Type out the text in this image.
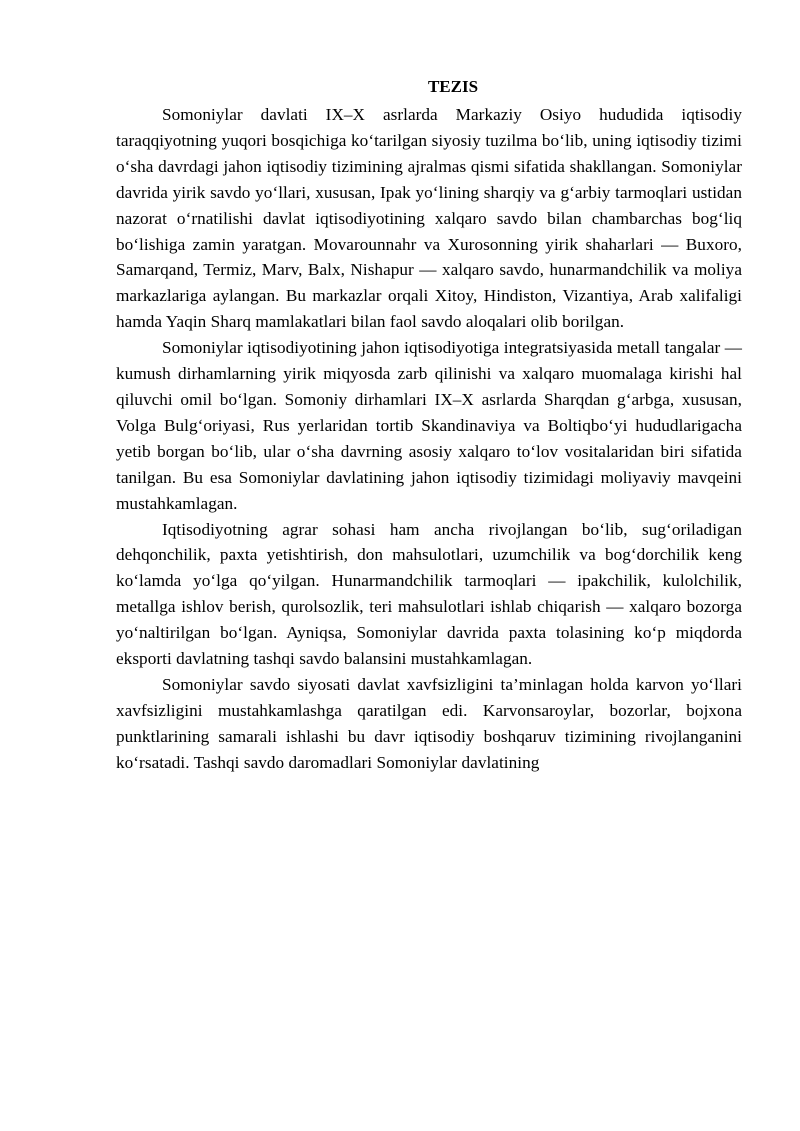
TEZIS

Somoniylar davlati IX–X asrlarda Markaziy Osiyo hududida iqtisodiy taraqqiyotning yuqori bosqichiga ko‘tarilgan siyosiy tuzilma bo‘lib, uning iqtisodiy tizimi o‘sha davrdagi jahon iqtisodiy tizimining ajralmas qismi sifatida shakllangan. Somoniylar davrida yirik savdo yo‘llari, xususan, Ipak yo‘lining sharqiy va g‘arbiy tarmoqlari ustidan nazorat o‘rnatilishi davlat iqtisodiyotining xalqaro savdo bilan chambarchas bog‘liq bo‘lishiga zamin yaratgan. Movarounnahr va Xurosonning yirik shaharlari — Buxoro, Samarqand, Termiz, Marv, Balx, Nishapur — xalqaro savdo, hunarmandchilik va moliya markazlariga aylangan. Bu markazlar orqali Xitoy, Hindiston, Vizantiya, Arab xalifaligi hamda Yaqin Sharq mamlakatlari bilan faol savdo aloqalari olib borilgan.

Somoniylar iqtisodiyotining jahon iqtisodiyotiga integratsiyasida metall tangalar — kumush dirhamlarning yirik miqyosda zarb qilinishi va xalqaro muomalaga kirishi hal qiluvchi omil bo‘lgan. Somoniy dirhamlari IX–X asrlarda Sharqdan g‘arbga, xususan, Volga Bulg‘oriyasi, Rus yerlaridan tortib Skandinaviya va Boltiqbo‘yi hududlarigacha yetib borgan bo‘lib, ular o‘sha davrning asosiy xalqaro to‘lov vositalaridan biri sifatida tanilgan. Bu esa Somoniylar davlatining jahon iqtisodiy tizimidagi moliyaviy mavqeini mustahkamlagan.

Iqtisodiyotning agrar sohasi ham ancha rivojlangan bo‘lib, sug‘oriladigan dehqonchilik, paxta yetishtirish, don mahsulotlari, uzumchilik va bog‘dorchilik keng ko‘lamda yo‘lga qo‘yilgan. Hunarmandchilik tarmoqlari — ipakchilik, kulolchilik, metallga ishlov berish, qurolsozlik, teri mahsulotlari ishlab chiqarish — xalqaro bozorga yo‘naltirilgan bo‘lgan. Ayniqsa, Somoniylar davrida paxta tolasining ko‘p miqdorda eksporti davlatning tashqi savdo balansini mustahkamlagan.

Somoniylar savdo siyosati davlat xavfsizligini ta’minlagan holda karvon yo‘llari xavfsizligini mustahkamlashga qaratilgan edi. Karvonsaroylar, bozorlar, bojxona punktlarining samarali ishlashi bu davr iqtisodiy boshqaruv tizimining rivojlanganini ko‘rsatadi. Tashqi savdo daromadlari Somoniylar davlatining
